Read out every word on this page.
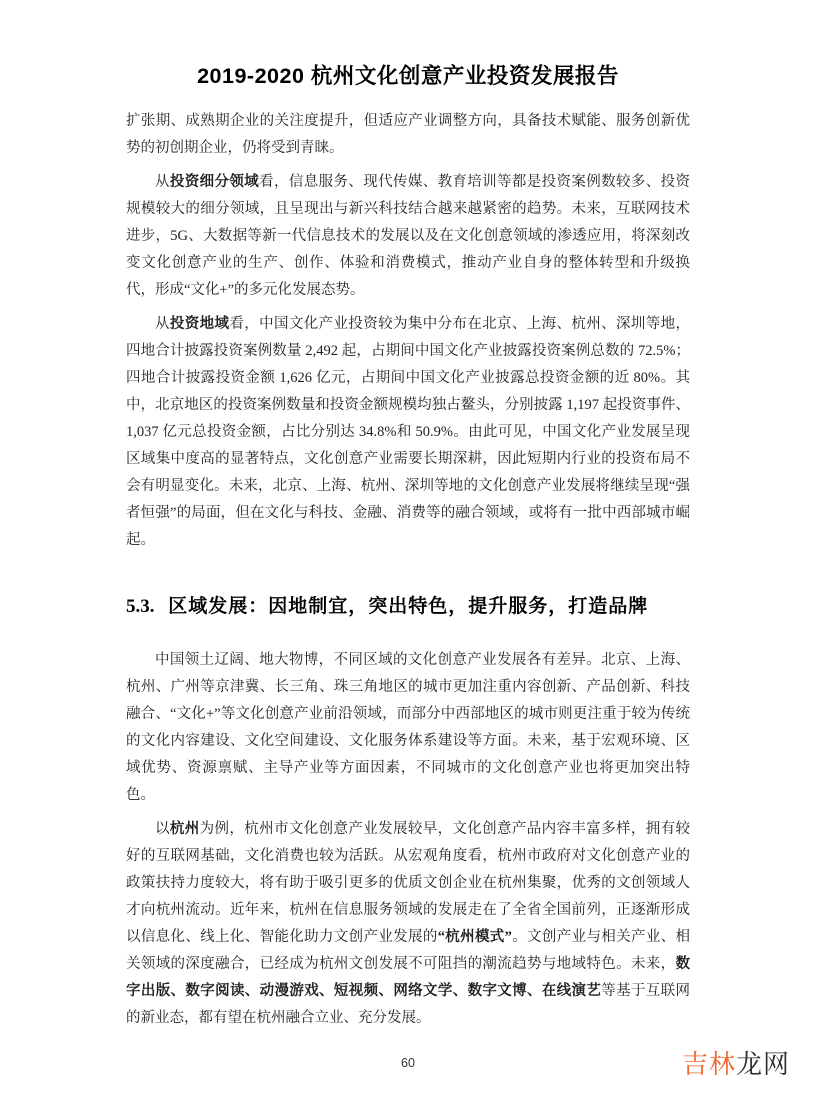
2019-2020 杭州文化创意产业投资发展报告

扩张期、成熟期企业的关注度提升，但适应产业调整方向，具备技术赋能、服务创新优势的初创期企业，仍将受到青睐。

从投资细分领域看，信息服务、现代传媒、教育培训等都是投资案例数较多、投资规模较大的细分领域，且呈现出与新兴科技结合越来越紧密的趋势。未来，互联网技术进步，5G、大数据等新一代信息技术的发展以及在文化创意领域的渗透应用，将深刻改变文化创意产业的生产、创作、体验和消费模式，推动产业自身的整体转型和升级换代，形成“文化+”的多元化发展态势。

从投资地域看，中国文化产业投资较为集中分布在北京、上海、杭州、深圳等地，四地合计披露投资案例数量 2,492 起，占期间中国文化产业披露投资案例总数的 72.5%；四地合计披露投资金额 1,626 亿元，占期间中国文化产业披露总投资金额的近 80%。其中，北京地区的投资案例数量和投资金额规模均独占鳌头，分别披露 1,197 起投资事件、1,037 亿元总投资金额，占比分别达 34.8%和 50.9%。由此可见，中国文化产业发展呈现区域集中度高的显著特点，文化创意产业需要长期深耕，因此短期内行业的投资布局不会有明显变化。未来，北京、上海、杭州、深圳等地的文化创意产业发展将继续呈现“强者恒强”的局面，但在文化与科技、金融、消费等的融合领域，或将有一批中西部城市崛起。

5.3. 区域发展：因地制宜，突出特色，提升服务，打造品牌

中国领土辽阔、地大物博，不同区域的文化创意产业发展各有差异。北京、上海、杭州、广州等京津冀、长三角、珠三角地区的城市更加注重内容创新、产品创新、科技融合、“文化+”等文化创意产业前沿领域，而部分中西部地区的城市则更注重于较为传统的文化内容建设、文化空间建设、文化服务体系建设等方面。未来，基于宏观环境、区域优势、资源禀赋、主导产业等方面因素，不同城市的文化创意产业也将更加突出特色。

以杭州为例，杭州市文化创意产业发展较早，文化创意产品内容丰富多样，拥有较好的互联网基础，文化消费也较为活跃。从宏观角度看，杭州市政府对文化创意产业的政策扶持力度较大，将有助于吸引更多的优质文创企业在杭州集聚，优秀的文创领域人才向杭州流动。近年来，杭州在信息服务领域的发展走在了全省全国前列，正逐渐形成以信息化、线上化、智能化助力文创产业发展的“杭州模式”。文创产业与相关产业、相关领域的深度融合，已经成为杭州文创发展不可阻挡的潮流趋势与地域特色。未来，数字出版、数字阅读、动漫游戏、短视频、网络文学、数字文博、在线演艺等基于互联网的新业态，都有望在杭州融合立业、充分发展。

60	吉林龙网
